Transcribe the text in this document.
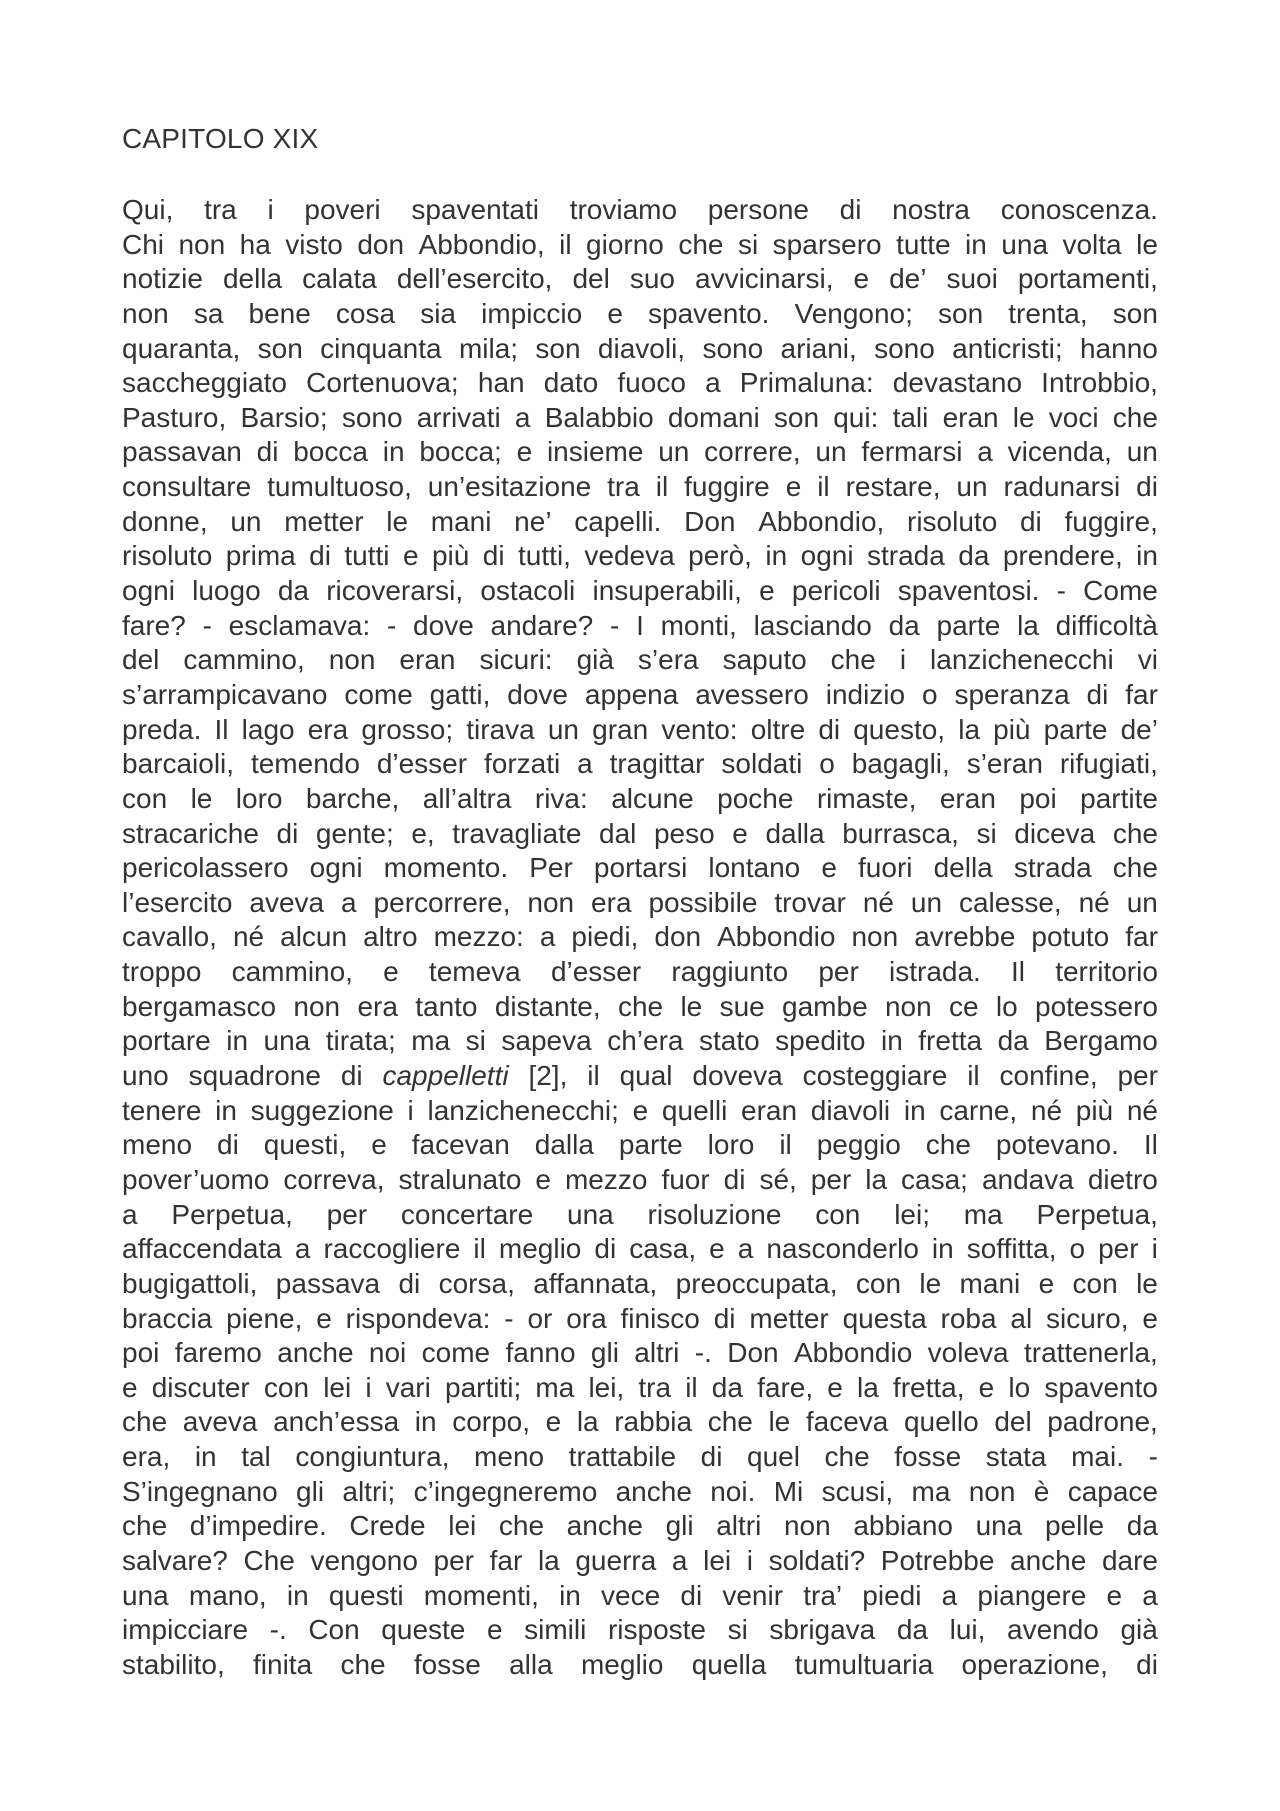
CAPITOLO XIX
Qui, tra i poveri spaventati troviamo persone di nostra conoscenza.
Chi non ha visto don Abbondio, il giorno che si sparsero tutte in una volta le
notizie della calata dell’esercito, del suo avvicinarsi, e de’ suoi portamenti,
non sa bene cosa sia impiccio e spavento. Vengono; son trenta, son
quaranta, son cinquanta mila; son diavoli, sono ariani, sono anticristi; hanno
saccheggiato Cortenuova; han dato fuoco a Primaluna: devastano Introbbio,
Pasturo, Barsio; sono arrivati a Balabbio domani son qui: tali eran le voci che
passavan di bocca in bocca; e insieme un correre, un fermarsi a vicenda, un
consultare tumultuoso, un’esitazione tra il fuggire e il restare, un radunarsi di
donne, un metter le mani ne’ capelli. Don Abbondio, risoluto di fuggire,
risoluto prima di tutti e più di tutti, vedeva però, in ogni strada da prendere, in
ogni luogo da ricoverarsi, ostacoli insuperabili, e pericoli spaventosi. - Come
fare? - esclamava: - dove andare? - I monti, lasciando da parte la difficoltà
del cammino, non eran sicuri: già s’era saputo che i lanzichenecchi vi
s’arrampicavano come gatti, dove appena avessero indizio o speranza di far
preda. Il lago era grosso; tirava un gran vento: oltre di questo, la più parte de’
barcaioli, temendo d’esser forzati a tragittar soldati o bagagli, s’eran rifugiati,
con le loro barche, all’altra riva: alcune poche rimaste, eran poi partite
stracariche di gente; e, travagliate dal peso e dalla burrasca, si diceva che
pericolassero ogni momento. Per portarsi lontano e fuori della strada che
l’esercito aveva a percorrere, non era possibile trovar né un calesse, né un
cavallo, né alcun altro mezzo: a piedi, don Abbondio non avrebbe potuto far
troppo cammino, e temeva d’esser raggiunto per istrada. Il territorio
bergamasco non era tanto distante, che le sue gambe non ce lo potessero
portare in una tirata; ma si sapeva ch’era stato spedito in fretta da Bergamo
uno squadrone di cappelletti [2], il qual doveva costeggiare il confine, per
tenere in suggezione i lanzichenecchi; e quelli eran diavoli in carne, né più né
meno di questi, e facevan dalla parte loro il peggio che potevano. Il
pover’uomo correva, stralunato e mezzo fuor di sé, per la casa; andava dietro
a Perpetua, per concertare una risoluzione con lei; ma Perpetua,
affaccendata a raccogliere il meglio di casa, e a nasconderlo in soffitta, o per i
bugigattoli, passava di corsa, affannata, preoccupata, con le mani e con le
braccia piene, e rispondeva: - or ora finisco di metter questa roba al sicuro, e
poi faremo anche noi come fanno gli altri -. Don Abbondio voleva trattenerla,
e discuter con lei i vari partiti; ma lei, tra il da fare, e la fretta, e lo spavento
che aveva anch’essa in corpo, e la rabbia che le faceva quello del padrone,
era, in tal congiuntura, meno trattabile di quel che fosse stata mai. -
S’ingegnano gli altri; c’ingegneremo anche noi. Mi scusi, ma non è capace
che d’impedire. Crede lei che anche gli altri non abbiano una pelle da
salvare? Che vengono per far la guerra a lei i soldati? Potrebbe anche dare
una mano, in questi momenti, in vece di venir tra’ piedi a piangere e a
impicciare -. Con queste e simili risposte si sbrigava da lui, avendo già
stabilito, finita che fosse alla meglio quella tumultuaria operazione, di
